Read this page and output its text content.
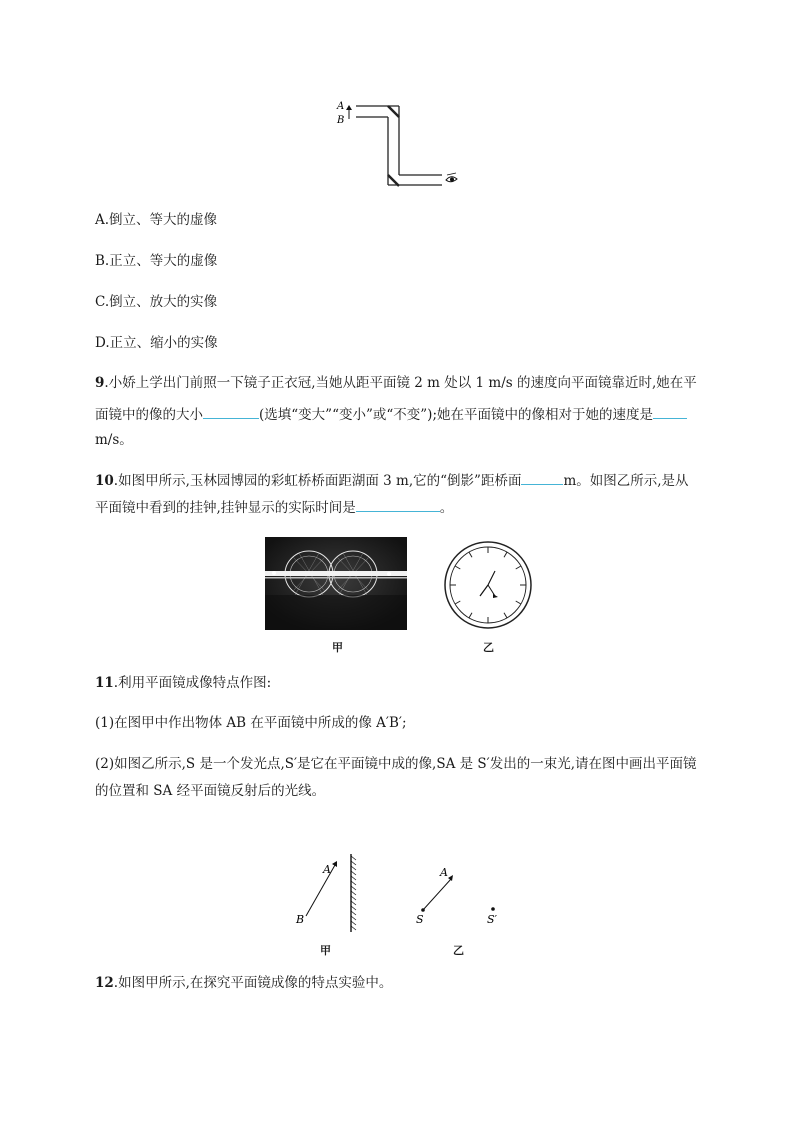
A
B
A.倒立、等大的虚像
B.正立、等大的虚像
C.倒立、放大的实像
D.正立、缩小的实像
9.小娇上学出门前照一下镜子正衣冠,当她从距平面镜 2 m 处以 1 m/s 的速度向平面镜靠近时,她在平
面镜中的像的大小	(选填“变大”“变小”或“不变”);她在平面镜中的像相对于她的速度是
m/s。
10.如图甲所示,玉林园博园的彩虹桥桥面距湖面 3 m,它的“倒影”距桥面	m。如图乙所示,是从
平面镜中看到的挂钟,挂钟显示的实际时间是	。
甲	乙
11.利用平面镜成像特点作图:
(1)在图甲中作出物体 AB 在平面镜中所成的像 A′B′;
(2)如图乙所示,S 是一个发光点,S′是它在平面镜中成的像,SA 是 S′发出的一束光,请在图中画出平面镜
的位置和 SA 经平面镜反射后的光线。
A
B
甲
A
S	S′
乙
12.如图甲所示,在探究平面镜成像的特点实验中。
